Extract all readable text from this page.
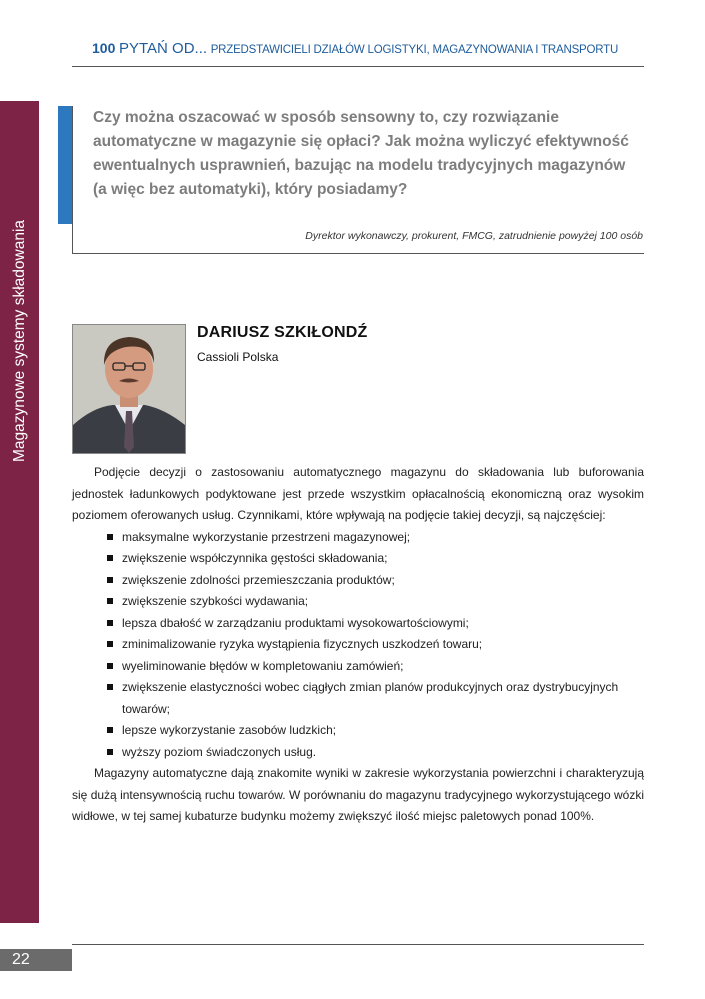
100 PYTAŃ OD... PRZEDSTAWICIELI DZIAŁÓW LOGISTYKI, MAGAZYNOWANIA I TRANSPORTU
Magazynowe systemy składowania

Czy można oszacować w sposób sensowny to, czy rozwiązanie automatyczne w magazynie się opłaci? Jak można wyliczyć efektywność ewentualnych usprawnień, bazując na modelu tradycyjnych magazynów (a więc bez automatyki), który posiadamy?

Dyrektor wykonawczy, prokurent, FMCG, zatrudnienie powyżej 100 osób
DARIUSZ SZKIŁONDŹ
Cassioli Polska

Podjęcie decyzji o zastosowaniu automatycznego magazynu do składowania lub buforowania jednostek ładunkowych podyktowane jest przede wszystkim opłacalnością ekonomiczną oraz wysokim poziomem oferowanych usług. Czynnikami, które wpływają na podjęcie takiej decyzji, są najczęściej:

maksymalne wykorzystanie przestrzeni magazynowej;
zwiększenie współczynnika gęstości składowania;
zwiększenie zdolności przemieszczania produktów;
zwiększenie szybkości wydawania;
lepsza dbałość w zarządzaniu produktami wysokowartościowymi;
zminimalizowanie ryzyka wystąpienia fizycznych uszkodzeń towaru;
wyeliminowanie błędów w kompletowaniu zamówień;
zwiększenie elastyczności wobec ciągłych zmian planów produkcyjnych oraz dystrybucyjnych towarów;
lepsze wykorzystanie zasobów ludzkich;
wyższy poziom świadczonych usług.

Magazyny automatyczne dają znakomite wyniki w zakresie wykorzystania powierzchni i charakteryzują się dużą intensywnością ruchu towarów. W porównaniu do magazynu tradycyjnego wykorzystującego wózki widłowe, w tej samej kubaturze budynku możemy zwiększyć ilość miejsc paletowych ponad 100%.

22
